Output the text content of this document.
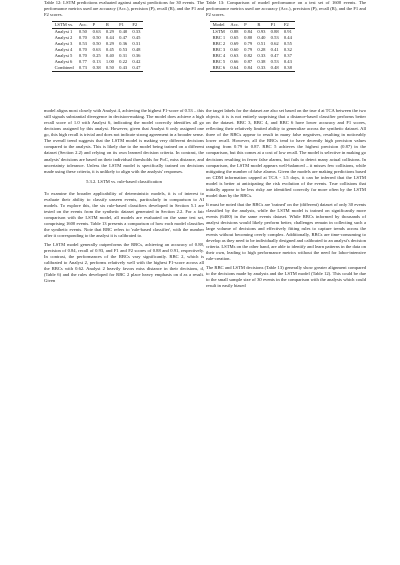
Table 12: LSTM predictions evaluated against analyst predictions for 30 events. The performance metrics used are accuracy (Acc.), precision (P), recall (R), and the F1 and F2 scores.

LSTM vs.	Acc.	P	R	F1	F2
Analyst 1	0.50	0.63	0.29	0.40	0.33
Analyst 2	0.70	0.50	0.44	0.47	0.45
Analyst 3	0.53	0.50	0.29	0.36	0.31
Analyst 4	0.70	0.63	0.45	0.53	0.48
Analyst 5	0.70	0.25	0.40	0.31	0.36
Analyst 6	0.77	0.13	1.00	0.22	0.42
Combined	0.73	0.38	0.50	0.43	0.47

model aligns most closely with Analyst 4, achieving the highest F1-score of 0.53 – this still signals substantial divergence in decision-making. The model does achieve a high recall score of 1.0 with Analyst 6, indicating the model correctly identifies all go decisions assigned by this analyst. However, given that Analyst 6 only assigned one go, this high recall is trivial and does not indicate strong agreement in a broader sense. The overall trend suggests that the LSTM model is making very different decisions compared to the analysts. This is likely due to the model being trained on a different dataset (Section 2.2) and relying on its own learned decision criteria. In contrast, the analysts' decisions are based on their individual thresholds for PoC, miss distance, and uncertainty tolerance. Unless the LSTM model is specifically trained on decisions made using these criteria, it is unlikely to align with the analysts' responses.

5.3.2. LSTM vs. rule-based classification

To examine the broader applicability of deterministic models, it is of interest to evaluate their ability to classify unseen events, particularly in comparison to AI models. To explore this, the six rule-based classifiers developed in Section 5.1 are tested on the events from the synthetic dataset generated in Section 2.2. For a fair comparison with the LSTM model, all models are evaluated on the same test set, comprising 1600 events. Table 13 presents a comparison of how each model classifies the synthetic events. Note that RBC refers to 'rule-based classifier', with the number after it corresponding to the analyst it is calibrated to.

The LSTM model generally outperforms the RBCs, achieving an accuracy of 0.88, precision of 0.84, recall of 0.93, and F1 and F2 scores of 0.88 and 0.91, respectively. In contrast, the performances of the RBCs vary significantly. RBC 2, which is calibrated to Analyst 2, performs relatively well with the highest F1-score across all the RBCs with 0.62. Analyst 2 heavily favors miss distance in their decisions, d, (Table 6) and the rules developed for RBC 2 place heavy emphasis on d as a result. Given

Table 13: Comparison of model performance on a test set of 1600 events. The performance metrics used are accuracy (Acc.), precision (P), recall (R), and the F1 and F2 scores.

Model	Acc.	P	R	F1	F2
LSTM	0.88	0.84	0.93	0.88	0.91
RBC 1	0.65	0.80	0.40	0.53	0.44
RBC 2	0.69	0.79	0.51	0.62	0.55
RBC 3	0.60	0.79	0.28	0.41	0.32
RBC 4	0.63	0.82	0.33	0.47	0.37
RBC 5	0.66	0.87	0.38	0.53	0.43
RBC 6	0.64	0.84	0.33	0.48	0.38

the target labels for the dataset are also set based on the true d at TCA between the two objects, it is is not entirely surprising that a distance-based classifier performs better on the dataset. RBC 3, RBC 4, and RBC 6 have lower accuracy and F1 scores, reflecting their relatively limited ability to generalize across the synthetic dataset. All three of the RBCs appear to result in many false negatives, resulting in noticeably lower recall. However, all the RBCs tend to have decently high precision values ranging from 0.79 to 0.87. RBC 5 achieves the highest precision (0.87) in the comparison, but this comes at a cost of low recall. The model is selective in making go decisions resulting in fewer false alarms, but fails to detect many actual collisions. In comparison, the LSTM model appears well-balanced – it misses few collisions, while mitigating the number of false alarms. Given the models are making predictions based on CDM information capped at TCA - 1.5 days, it can be inferred that the LSTM model is better at anticipating the risk evolution of the events. True collisions that initially appear to be less risky are identified correctly far more often by the LSTM model than by the RBCs.

It must be noted that the RBCs are 'trained' on the (different) dataset of only 30 events classified by the analysts, while the LSTM model is trained on significantly more events (6400) in the same events dataset. While RBCs informed by thousands of analyst decisions would likely perform better, challenges remain in collecting such a large volume of decisions and effectively fitting rules to capture trends across the events without becoming overly complex. Additionally, RBCs are time-consuming to develop as they need to be individually designed and calibrated to an analyst's decision criteria. LSTMs on the other hand, are able to identify and learn patterns in the data on their own, leading to high performance metrics without the need for labor-intensive rule-creation.

The RBC and LSTM decisions (Table 13) generally show greater alignment compared to the decisions made by analysts and the LSTM model (Table 12). This could be due to the small sample size of 30 events in the comparison with the analysts which could result in easily biased
